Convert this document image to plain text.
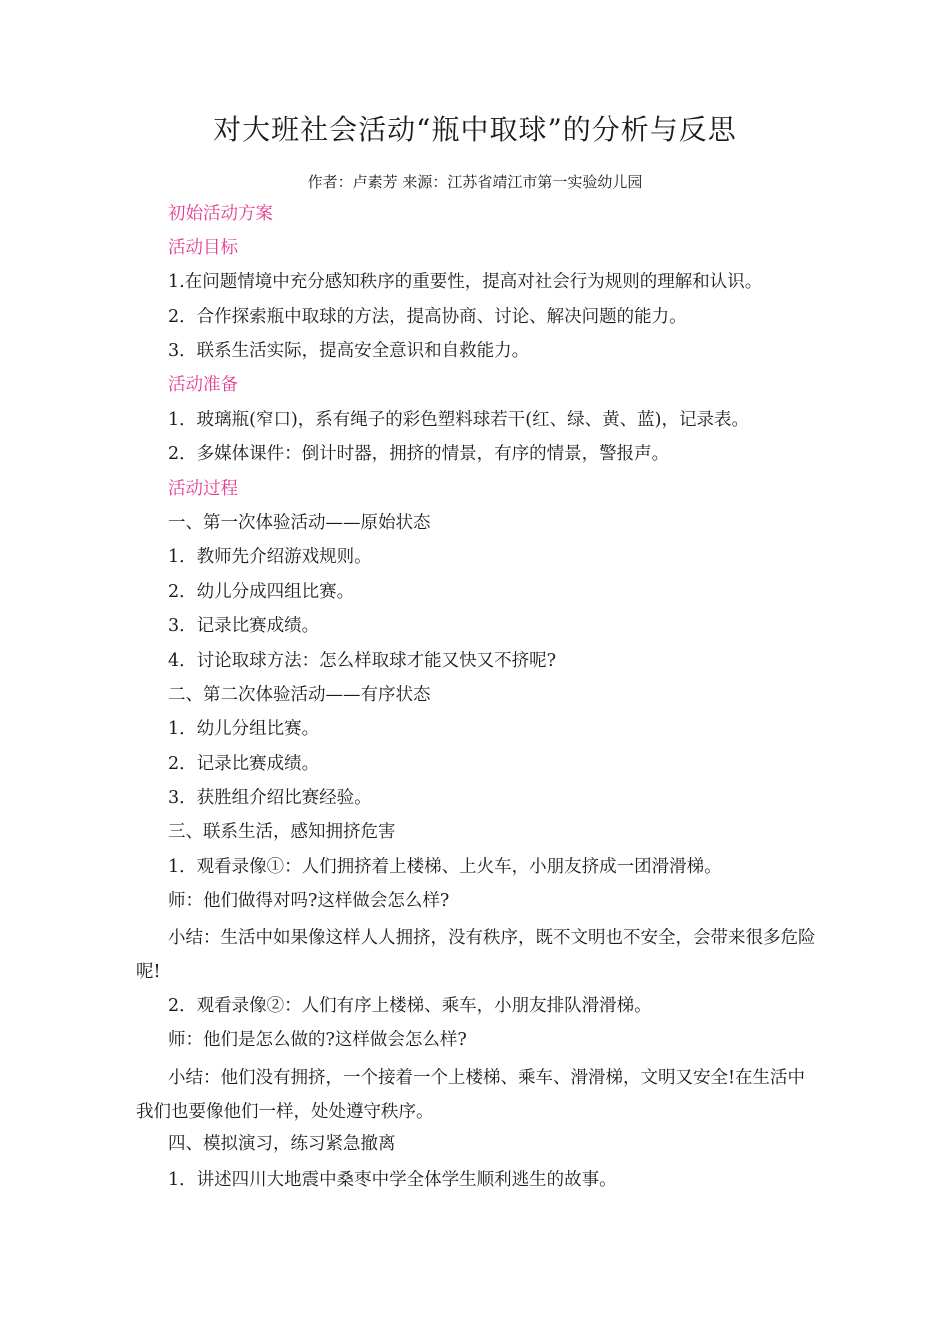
对大班社会活动“瓶中取球”的分析与反思
作者：卢素芳 来源：江苏省靖江市第一实验幼儿园
初始活动方案
活动目标
1.在问题情境中充分感知秩序的重要性，提高对社会行为规则的理解和认识。
2．合作探索瓶中取球的方法，提高协商、讨论、解决问题的能力。
3．联系生活实际，提高安全意识和自救能力。
活动准备
1．玻璃瓶(窄口)，系有绳子的彩色塑料球若干(红、绿、黄、蓝)，记录表。
2．多媒体课件：倒计时器，拥挤的情景，有序的情景，警报声。
活动过程
一、第一次体验活动——原始状态
1．教师先介绍游戏规则。
2．幼儿分成四组比赛。
3．记录比赛成绩。
4．讨论取球方法：怎么样取球才能又快又不挤呢?
二、第二次体验活动——有序状态
1．幼儿分组比赛。
2．记录比赛成绩。
3．获胜组介绍比赛经验。
三、联系生活，感知拥挤危害
1．观看录像①：人们拥挤着上楼梯、上火车，小朋友挤成一团滑滑梯。
师：他们做得对吗?这样做会怎么样?
小结：生活中如果像这样人人拥挤，没有秩序，既不文明也不安全，会带来很多危险呢!
2．观看录像②：人们有序上楼梯、乘车，小朋友排队滑滑梯。
师：他们是怎么做的?这样做会怎么样?
小结：他们没有拥挤，一个接着一个上楼梯、乘车、滑滑梯，文明又安全!在生活中我们也要像他们一样，处处遵守秩序。
四、模拟演习，练习紧急撤离
1．讲述四川大地震中桑枣中学全体学生顺利逃生的故事。
